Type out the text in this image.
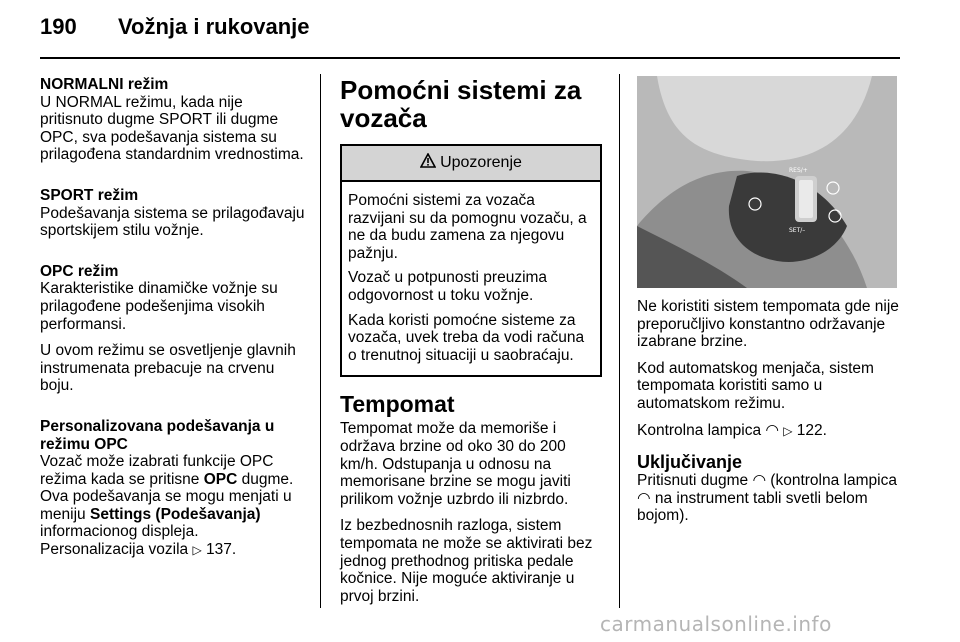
190 Vožnja i rukovanje
NORMALNI režim

U NORMAL režimu, kada nije pritisnuto dugme SPORT ili dugme OPC, sva podešavanja sistema su prilagođena standardnim vrednostima.

SPORT režim

Podešavanja sistema se prilagođavaju sportskijem stilu vožnje.

OPC režim

Karakteristike dinamičke vožnje su prilagođene podešenjima visokih performansi.

U ovom režimu se osvetljenje glavnih instrumenata prebacuje na crvenu boju.

Personalizovana podešavanja u režimu OPC

Vozač može izabrati funkcije OPC režima kada se pritisne OPC dugme. Ova podešavanja se mogu menjati u meniju Settings (Podešavanja) informacionog displeja.
Personalizacija vozila ▷ 137.

Pomoćni sistemi za vozača
Upozorenje

Pomoćni sistemi za vozača razvijani su da pomognu vozaču, a ne da budu zamena za njegovu pažnju.

Vozač u potpunosti preuzima odgovornost u toku vožnje.

Kada koristi pomoćne sisteme za vozača, uvek treba da vodi računa o trenutnoj situaciji u saobraćaju.

Tempomat

Tempomat može da memoriše i održava brzine od oko 30 do 200 km/h. Odstupanja u odnosu na memorisane brzine se mogu javiti prilikom vožnje uzbrdo ili nizbrdo.

Iz bezbednosnih razloga, sistem tempomata ne može se aktivirati bez jednog prethodnog pritiska pedale kočnice. Nije moguće aktiviranje u prvoj brzini.

RES/+
SET/–

Ne koristiti sistem tempomata gde nije preporučljivo konstantno održavanje izabrane brzine.

Kod automatskog menjača, sistem tempomata koristiti samo u automatskom režimu.

Kontrolna lampica ◠ ▷ 122.

Uključivanje

Pritisnuti dugme ◠ (kontrolna lampica ◠ na instrument tabli svetli belom bojom).

carmanualsonline.info
